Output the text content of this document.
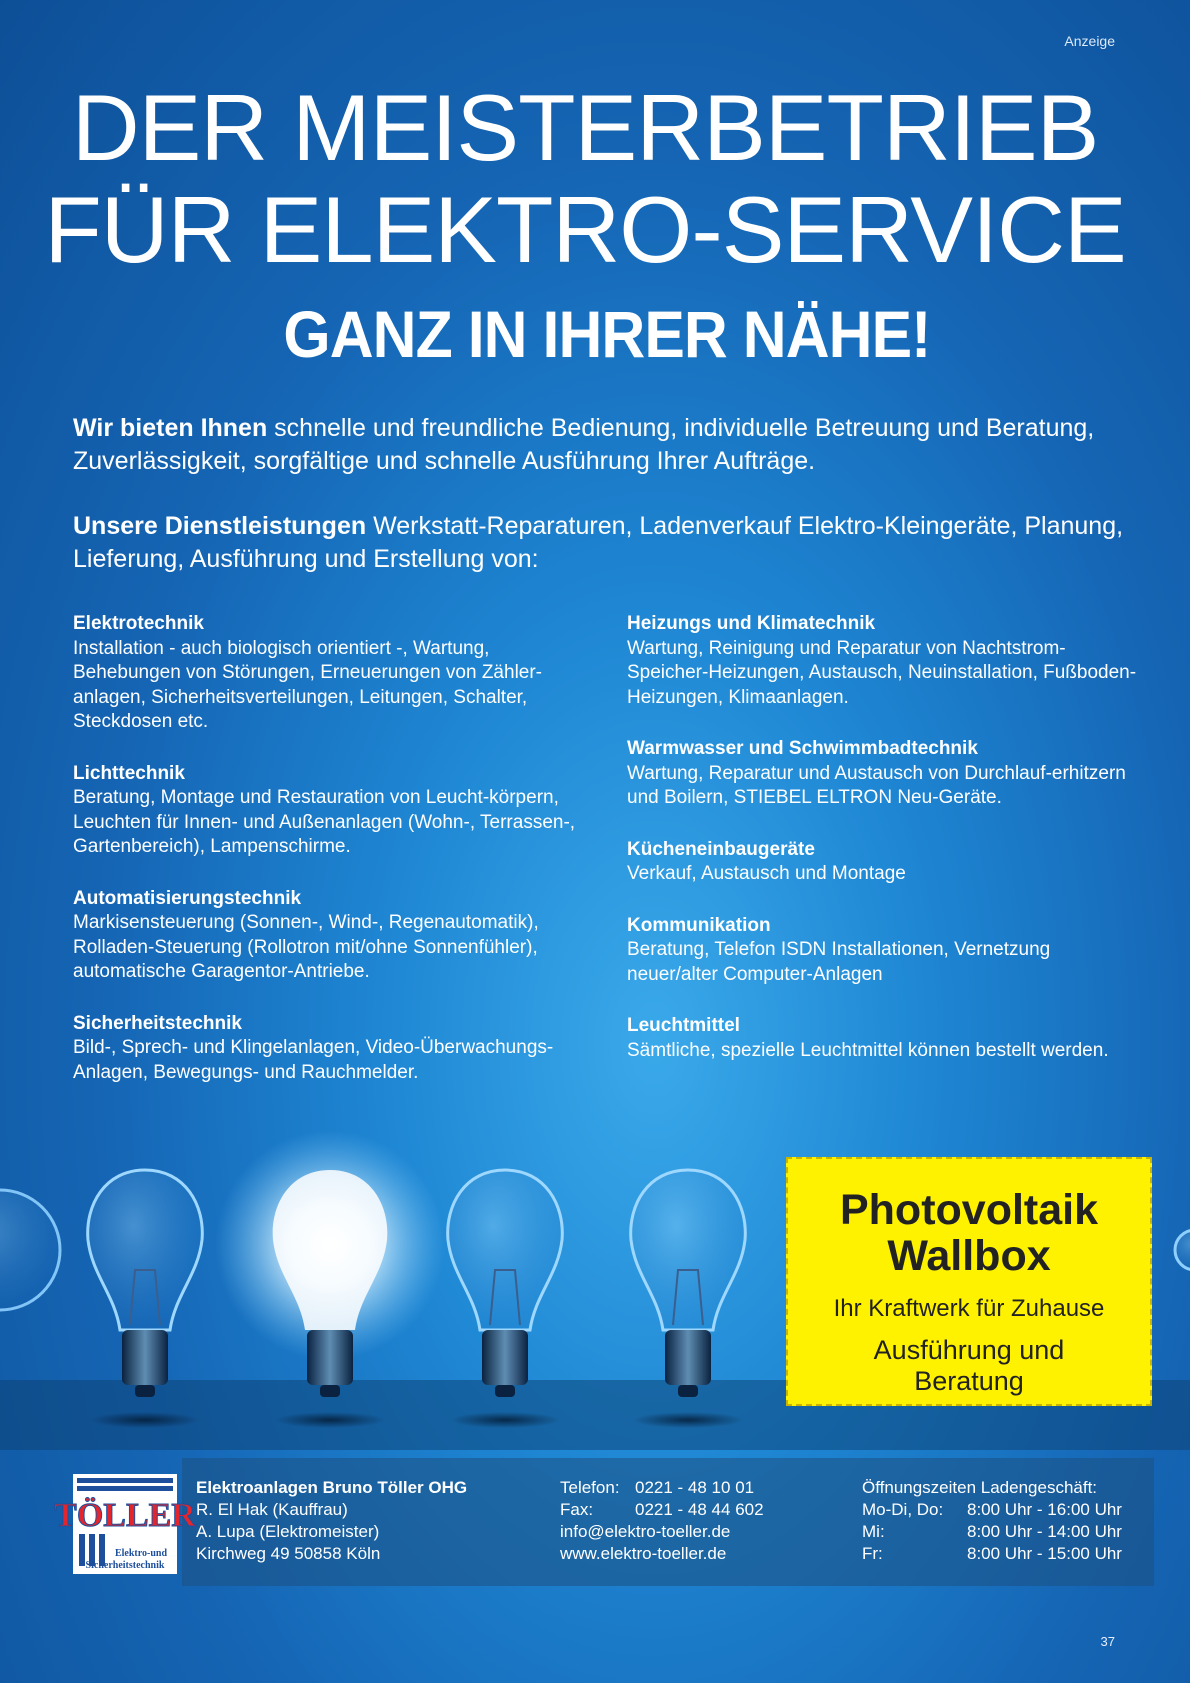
Anzeige
DER MEISTERBETRIEB
FÜR ELEKTRO-SERVICE
GANZ IN IHRER NÄHE!
Wir bieten Ihnen schnelle und freundliche Bedienung, individuelle Betreuung und Beratung, Zuverlässigkeit, sorgfältige und schnelle Ausführung Ihrer Aufträge.
Unsere Dienstleistungen Werkstatt-Reparaturen, Ladenverkauf Elektro-Kleingeräte, Planung, Lieferung, Ausführung und Erstellung von:
Elektrotechnik
Installation - auch biologisch orientiert -, Wartung, Behebungen von Störungen, Erneuerungen von Zähler-anlagen, Sicherheitsverteilungen, Leitungen, Schalter, Steckdosen etc.
Lichttechnik
Beratung, Montage und Restauration von Leucht-körpern, Leuchten für Innen- und Außenanlagen (Wohn-, Terrassen-, Gartenbereich), Lampenschirme.
Automatisierungstechnik
Markisensteuerung (Sonnen-, Wind-, Regenautomatik), Rolladen-Steuerung (Rollotron mit/ohne Sonnenfühler), automatische Garagentor-Antriebe.
Sicherheitstechnik
Bild-, Sprech- und Klingelanlagen, Video-Überwachungs-Anlagen, Bewegungs- und Rauchmelder.
Heizungs und Klimatechnik
Wartung, Reinigung und Reparatur von Nachtstrom-Speicher-Heizungen, Austausch, Neuinstallation, Fußboden-Heizungen, Klimaanlagen.
Warmwasser und Schwimmbadtechnik
Wartung, Reparatur und Austausch von Durchlauf-erhitzern und Boilern, STIEBEL ELTRON Neu-Geräte.
Kücheneinbaugeräte
Verkauf, Austausch und Montage
Kommunikation
Beratung, Telefon ISDN Installationen, Vernetzung neuer/alter Computer-Anlagen
Leuchtmittel
Sämtliche, spezielle Leuchtmittel können bestellt werden.
Photovoltaik
Wallbox
Ihr Kraftwerk für Zuhause
Ausführung und
Beratung
TÖLLER
Elektro-und
Sicherheitstechnik
Elektroanlagen Bruno Töller OHG
R. El Hak (Kauffrau)
A. Lupa (Elektromeister)
Kirchweg 49 50858 Köln
Telefon: 0221 - 48 10 01
Fax:	0221 - 48 44 602
info@elektro-toeller.de
www.elektro-toeller.de
Öffnungszeiten Ladengeschäft:
Mo-Di, Do:	8:00 Uhr - 16:00 Uhr
Mi:	8:00 Uhr - 14:00 Uhr
Fr:	8:00 Uhr - 15:00 Uhr
37
